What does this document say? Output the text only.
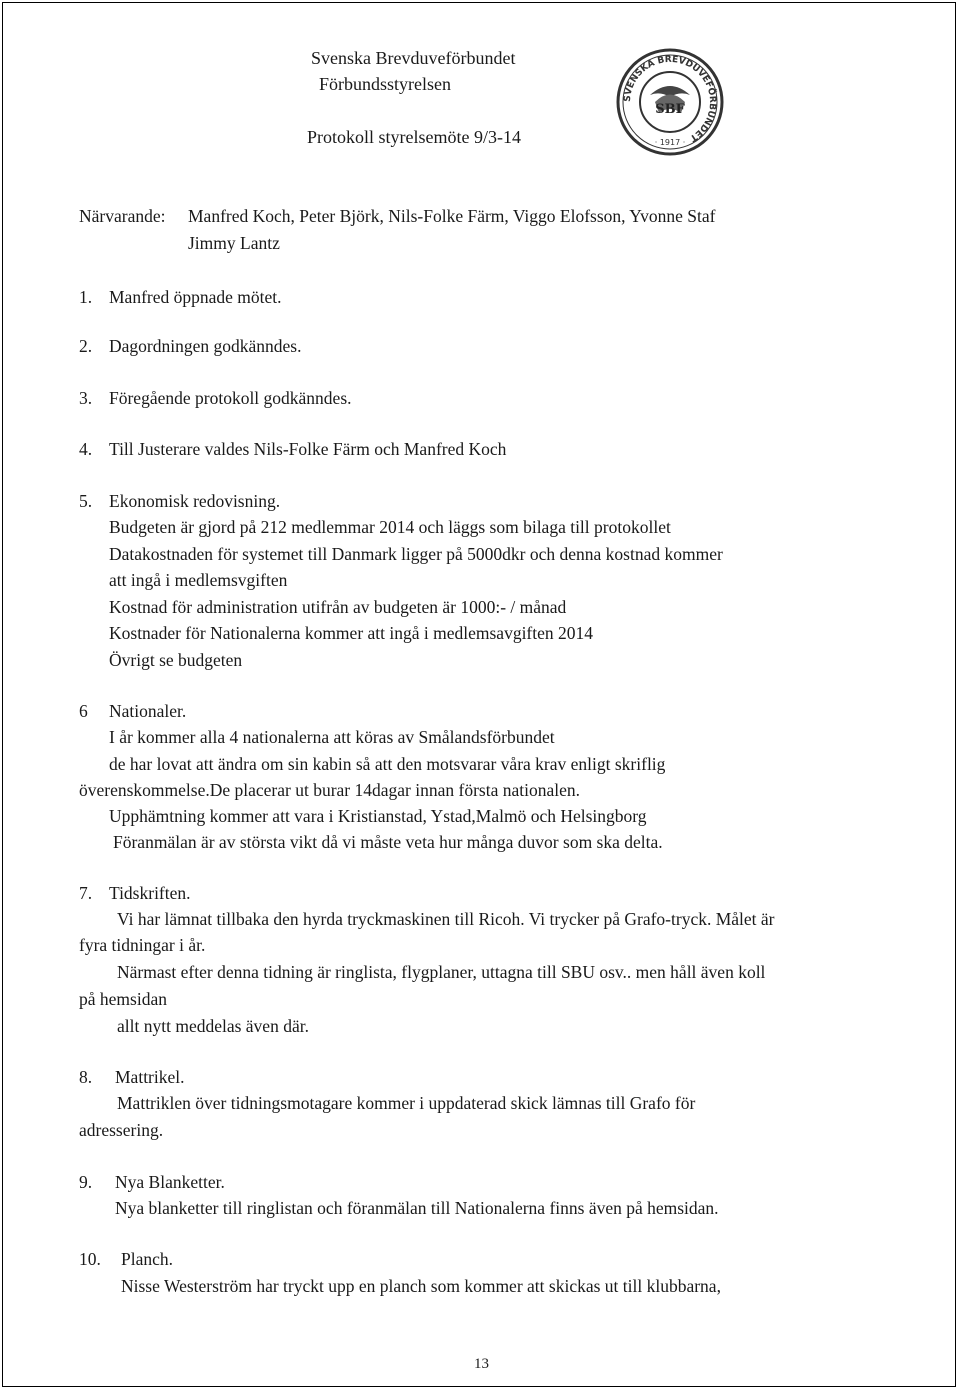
Svenska Brevduveförbundet
Förbundsstyrelsen
Protokoll styrelsemöte 9/3-14
SVENSKA BREVDUVEFÖRBUNDET
SBF
· 1917 ·
Närvarande: Manfred Koch, Peter Björk, Nils-Folke Färm, Viggo Elofsson, Yvonne Staf
Jimmy Lantz
1. Manfred öppnade mötet.
2. Dagordningen godkänndes.
3. Föregående protokoll godkänndes.
4. Till Justerare valdes Nils-Folke Färm och Manfred Koch
5. Ekonomisk redovisning.
Budgeten är gjord på 212 medlemmar 2014 och läggs som bilaga till protokollet
Datakostnaden för systemet till Danmark ligger på 5000dkr och denna kostnad kommer
att ingå i medlemsvgiften
Kostnad för administration utifrån av budgeten är 1000:- / månad
Kostnader för Nationalerna kommer att ingå i medlemsavgiften 2014
Övrigt se budgeten
6 Nationaler.
I år kommer alla 4 nationalerna att köras av Smålandsförbundet
de har lovat att ändra om sin kabin så att den motsvarar våra krav enligt skriflig
överenskommelse.De placerar ut burar 14dagar innan första nationalen.
Upphämtning kommer att vara i Kristianstad, Ystad,Malmö och Helsingborg
Föranmälan är av största vikt då vi måste veta hur många duvor som ska delta.
7. Tidskriften.
Vi har lämnat tillbaka den hyrda tryckmaskinen till Ricoh. Vi trycker på Grafo-tryck. Målet är
fyra tidningar i år.
Närmast efter denna tidning är ringlista, flygplaner, uttagna till SBU osv.. men håll även koll
på hemsidan
allt nytt meddelas även där.
8. Mattrikel.
Mattriklen över tidningsmotagare kommer i uppdaterad skick lämnas till Grafo för
adressering.
9. Nya Blanketter.
Nya blanketter till ringlistan och föranmälan till Nationalerna finns även på hemsidan.
10. Planch.
Nisse Westerström har tryckt upp en planch som kommer att skickas ut till klubbarna,
13
